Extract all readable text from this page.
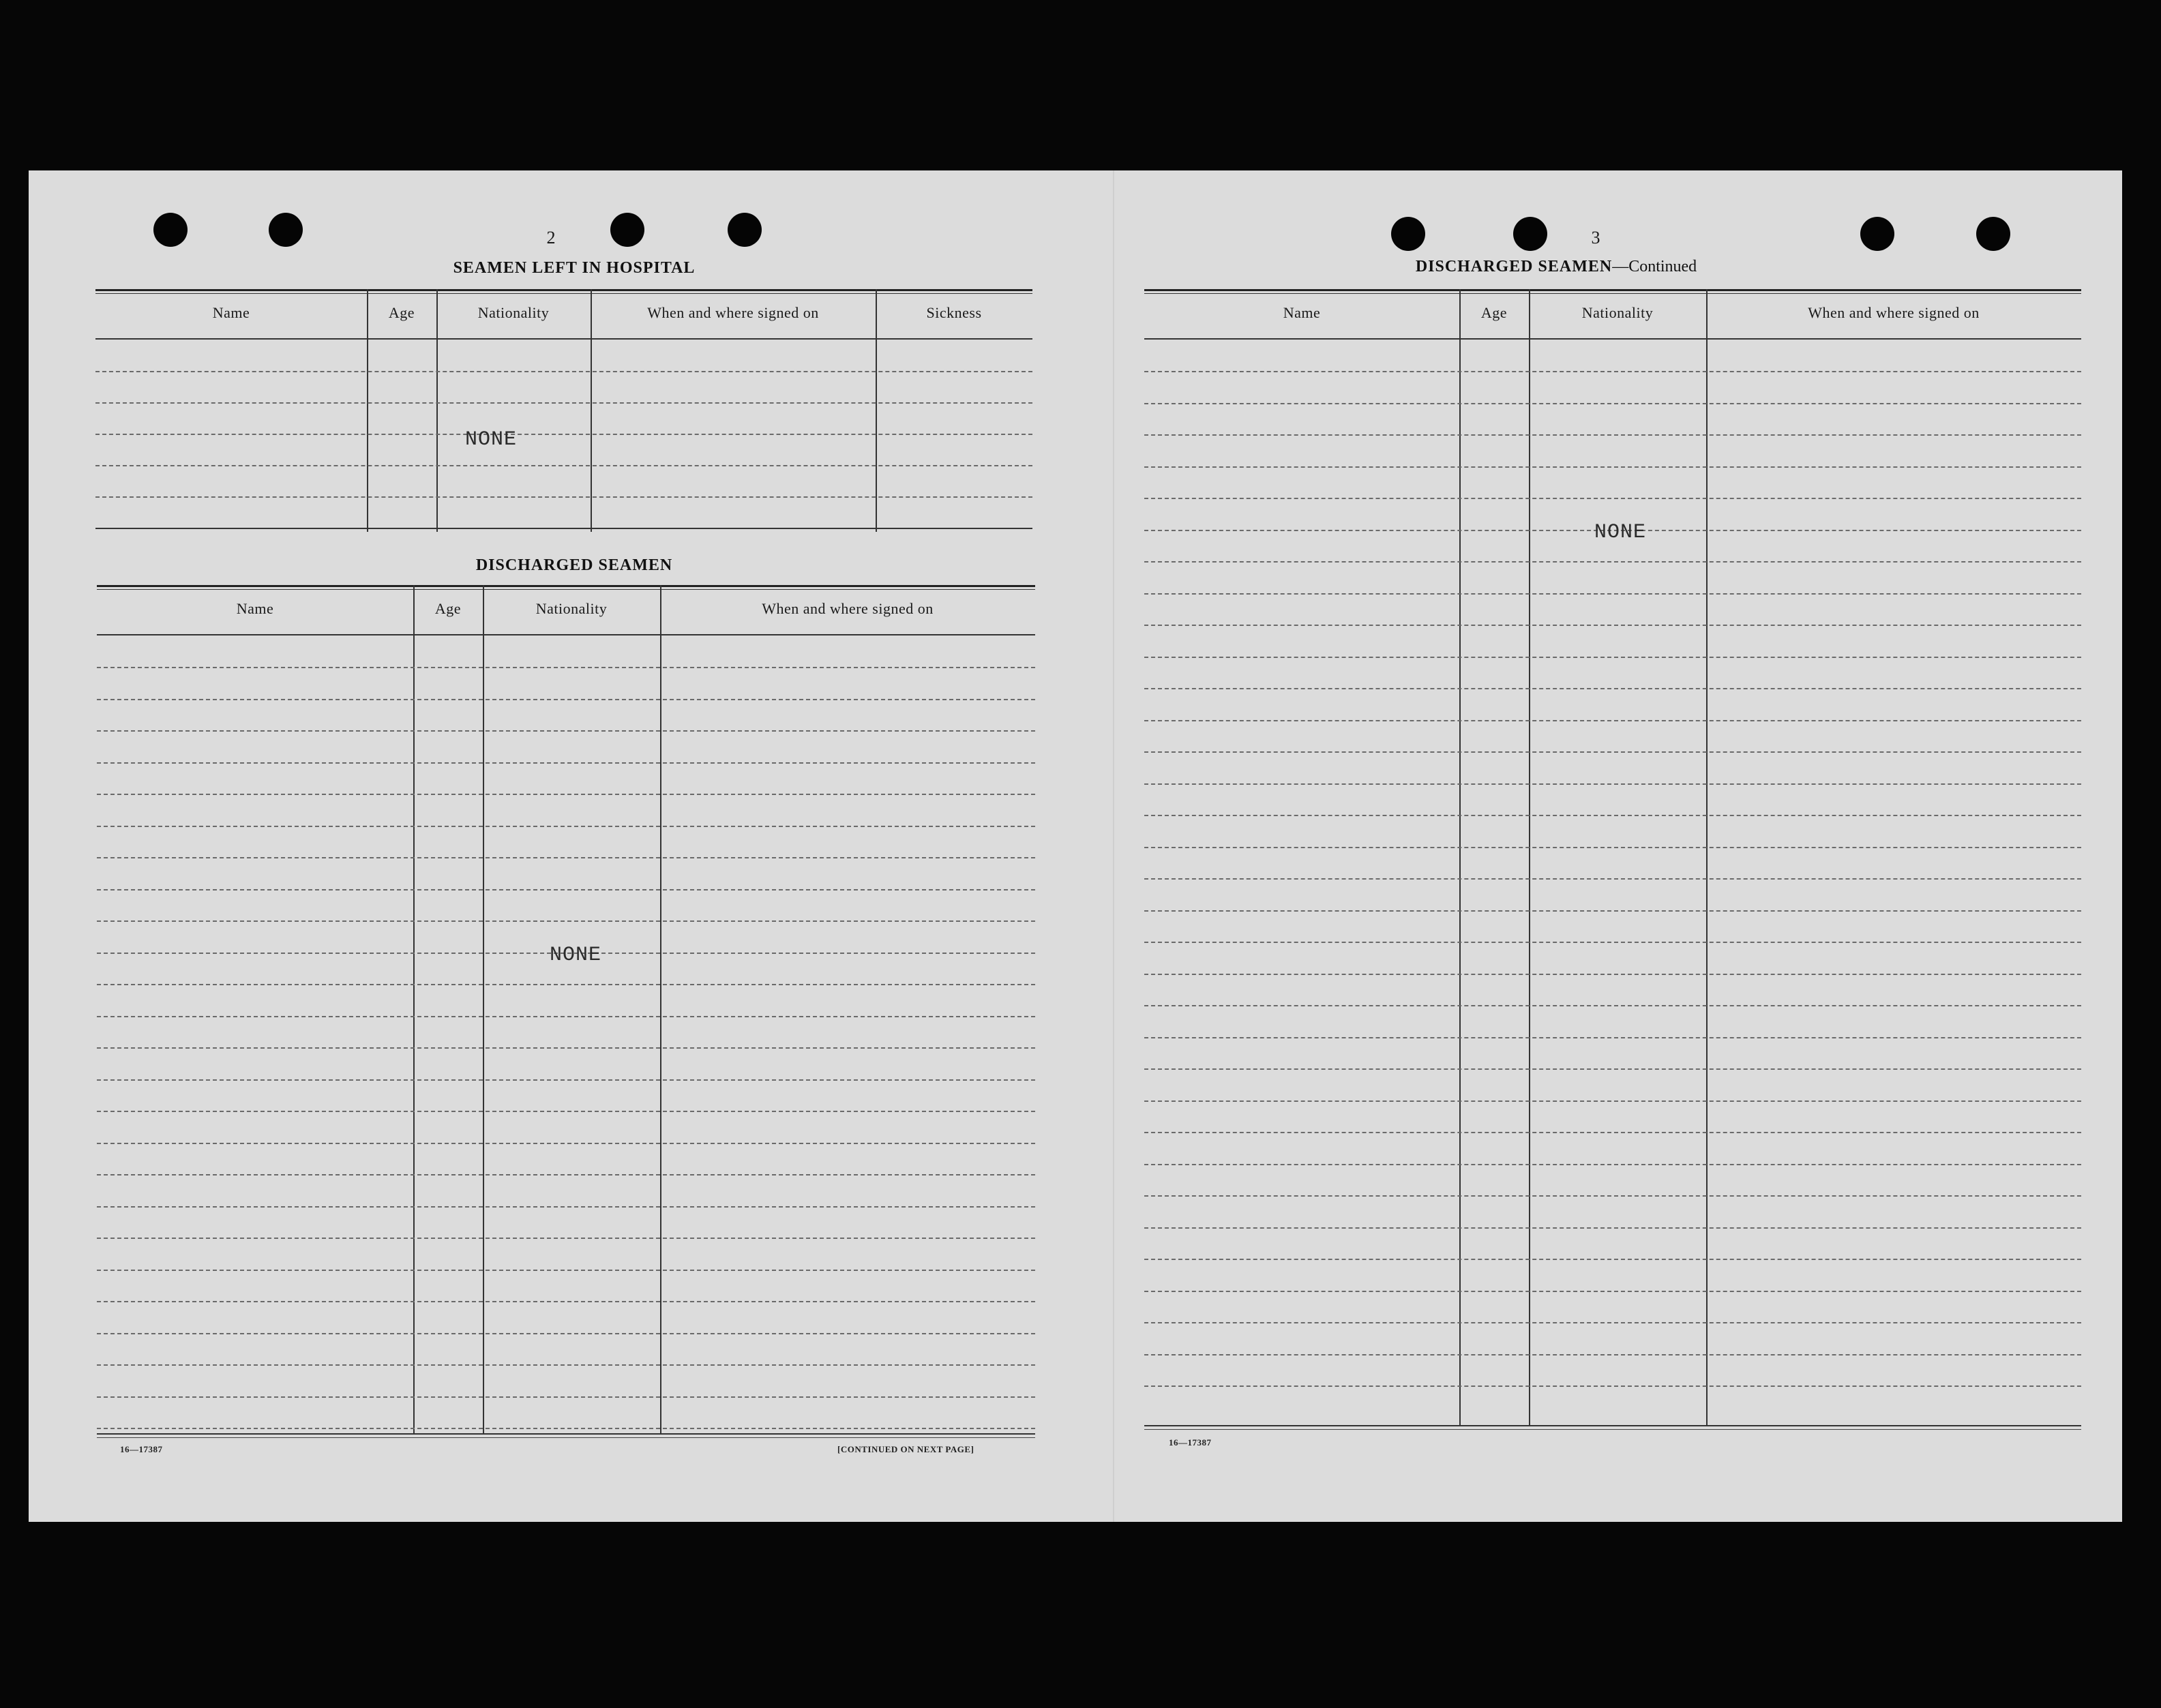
2
SEAMEN LEFT IN HOSPITAL
Name	Age	Nationality	When and where signed on	Sickness
NONE
DISCHARGED SEAMEN
Name	Age	Nationality	When and where signed on
NONE
16—17387	[CONTINUED ON NEXT PAGE]
3
DISCHARGED SEAMEN—Continued
Name	Age	Nationality	When and where signed on
NONE
16—17387
